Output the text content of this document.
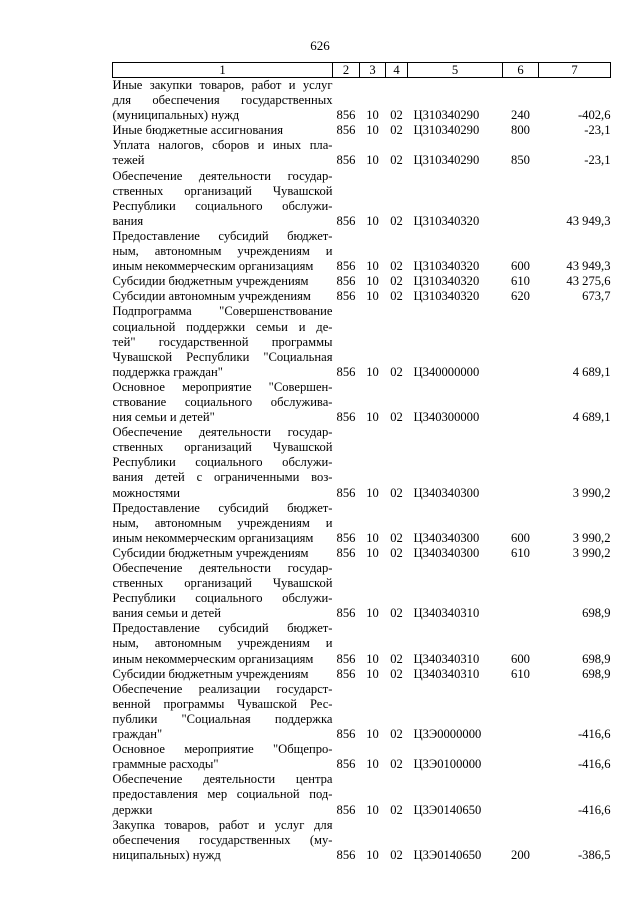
626
1	2	3	4	5	6	7

Иные закупки товаров, работ и услуг
для обеспечения государственных
(муниципальных) нужд	856	10	02	Ц310340290	240	-402,6

Иные бюджетные ассигнования	856	10	02	Ц310340290	800	-23,1

Уплата налогов, сборов и иных пла-
тежей	856	10	02	Ц310340290	850	-23,1

Обеспечение деятельности государ-
ственных организаций Чувашской
Республики социального обслужи-
вания	856	10	02	Ц310340320		43 949,3

Предоставление субсидий бюджет-
ным, автономным учреждениям и
иным некоммерческим организациям	856	10	02	Ц310340320	600	43 949,3

Субсидии бюджетным учреждениям	856	10	02	Ц310340320	610	43 275,6

Субсидии автономным учреждениям	856	10	02	Ц310340320	620	673,7

Подпрограмма "Совершенствование
социальной поддержки семьи и де-
тей" государственной программы
Чувашской Республики "Социальная
поддержка граждан"	856	10	02	Ц340000000		4 689,1

Основное мероприятие "Совершен-
ствование социального обслужива-
ния семьи и детей"	856	10	02	Ц340300000		4 689,1

Обеспечение деятельности государ-
ственных организаций Чувашской
Республики социального обслужи-
вания детей с ограниченными воз-
можностями	856	10	02	Ц340340300		3 990,2

Предоставление субсидий бюджет-
ным, автономным учреждениям и
иным некоммерческим организациям	856	10	02	Ц340340300	600	3 990,2

Субсидии бюджетным учреждениям	856	10	02	Ц340340300	610	3 990,2

Обеспечение деятельности государ-
ственных организаций Чувашской
Республики социального обслужи-
вания семьи и детей	856	10	02	Ц340340310		698,9

Предоставление субсидий бюджет-
ным, автономным учреждениям и
иным некоммерческим организациям	856	10	02	Ц340340310	600	698,9

Субсидии бюджетным учреждениям	856	10	02	Ц340340310	610	698,9

Обеспечение реализации государст-
венной программы Чувашской Рес-
публики "Социальная поддержка
граждан"	856	10	02	Ц3Э0000000		-416,6

Основное мероприятие "Общепро-
граммные расходы"	856	10	02	Ц3Э0100000		-416,6

Обеспечение деятельности центра
предоставления мер социальной под-
держки	856	10	02	Ц3Э0140650		-416,6

Закупка товаров, работ и услуг для
обеспечения государственных (му-
ниципальных) нужд	856	10	02	Ц3Э0140650	200	-386,5
